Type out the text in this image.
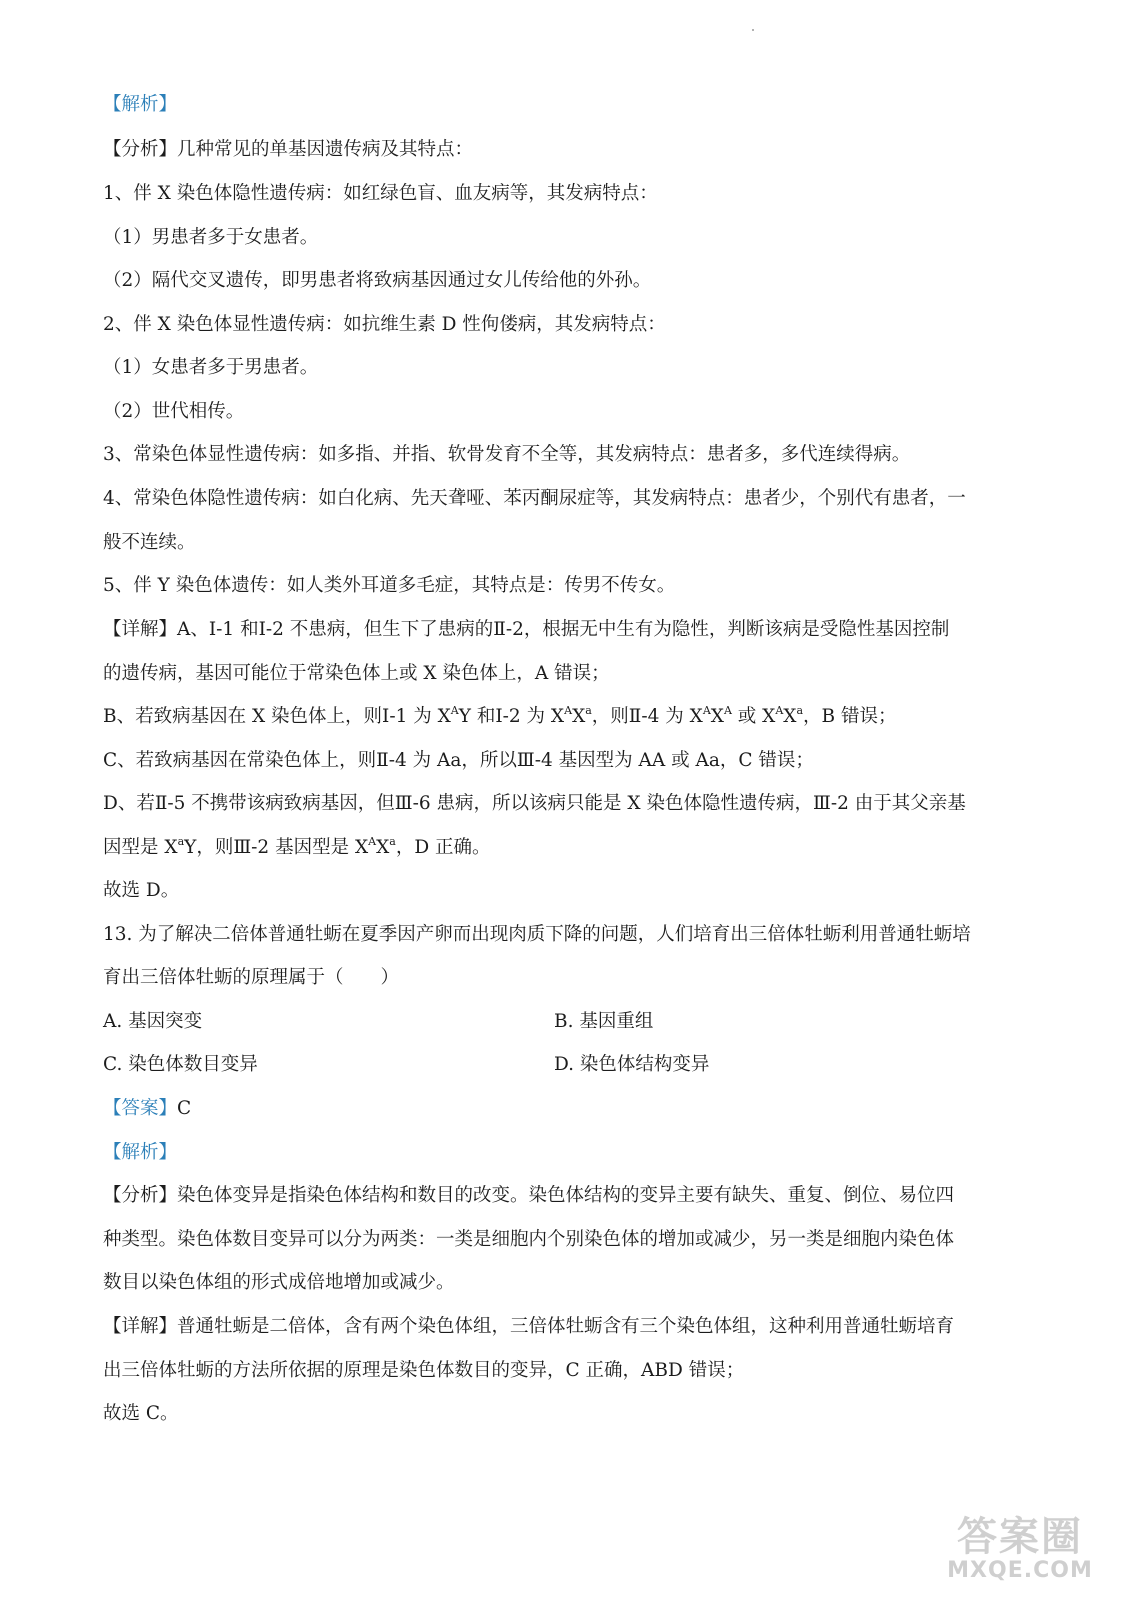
【解析】
【分析】几种常见的单基因遗传病及其特点：
1、伴 X 染色体隐性遗传病：如红绿色盲、血友病等，其发病特点：
（1）男患者多于女患者。
（2）隔代交叉遗传，即男患者将致病基因通过女儿传给他的外孙。
2、伴 X 染色体显性遗传病：如抗维生素 D 性佝偻病，其发病特点：
（1）女患者多于男患者。
（2）世代相传。
3、常染色体显性遗传病：如多指、并指、软骨发育不全等，其发病特点：患者多，多代连续得病。
4、常染色体隐性遗传病：如白化病、先天聋哑、苯丙酮尿症等，其发病特点：患者少，个别代有患者，一
般不连续。
5、伴 Y 染色体遗传：如人类外耳道多毛症，其特点是：传男不传女。
【详解】A、Ⅰ-1 和Ⅰ-2 不患病，但生下了患病的Ⅱ-2，根据无中生有为隐性，判断该病是受隐性基因控制
的遗传病，基因可能位于常染色体上或 X 染色体上，A 错误；
B、若致病基因在 X 染色体上，则Ⅰ-1 为 $X^AY$ 和Ⅰ-2 为 $X^AX^a$，则Ⅱ-4 为 $X^AX^A$ 或 $X^AX^a$，B 错误；
C、若致病基因在常染色体上，则Ⅱ-4 为 Aa，所以Ⅲ-4 基因型为 AA 或 Aa，C 错误；
D、若Ⅱ-5 不携带该病致病基因，但Ⅲ-6 患病，所以该病只能是 X 染色体隐性遗传病，Ⅲ-2 由于其父亲基
因型是 $X^aY$，则Ⅲ-2 基因型是 $X^AX^a$，D 正确。
故选 D。
13. 为了解决二倍体普通牡蛎在夏季因产卵而出现肉质下降的问题，人们培育出三倍体牡蛎利用普通牡蛎培
育出三倍体牡蛎的原理属于（　　）
A. 基因突变	B. 基因重组
C. 染色体数目变异	D. 染色体结构变异
【答案】C
【解析】
【分析】染色体变异是指染色体结构和数目的改变。染色体结构的变异主要有缺失、重复、倒位、易位四
种类型。染色体数目变异可以分为两类：一类是细胞内个别染色体的增加或减少，另一类是细胞内染色体
数目以染色体组的形式成倍地增加或减少。
【详解】普通牡蛎是二倍体，含有两个染色体组，三倍体牡蛎含有三个染色体组，这种利用普通牡蛎培育
出三倍体牡蛎的方法所依据的原理是染色体数目的变异，C 正确，ABD 错误；
故选 C。
答案圈
MXQE.COM
